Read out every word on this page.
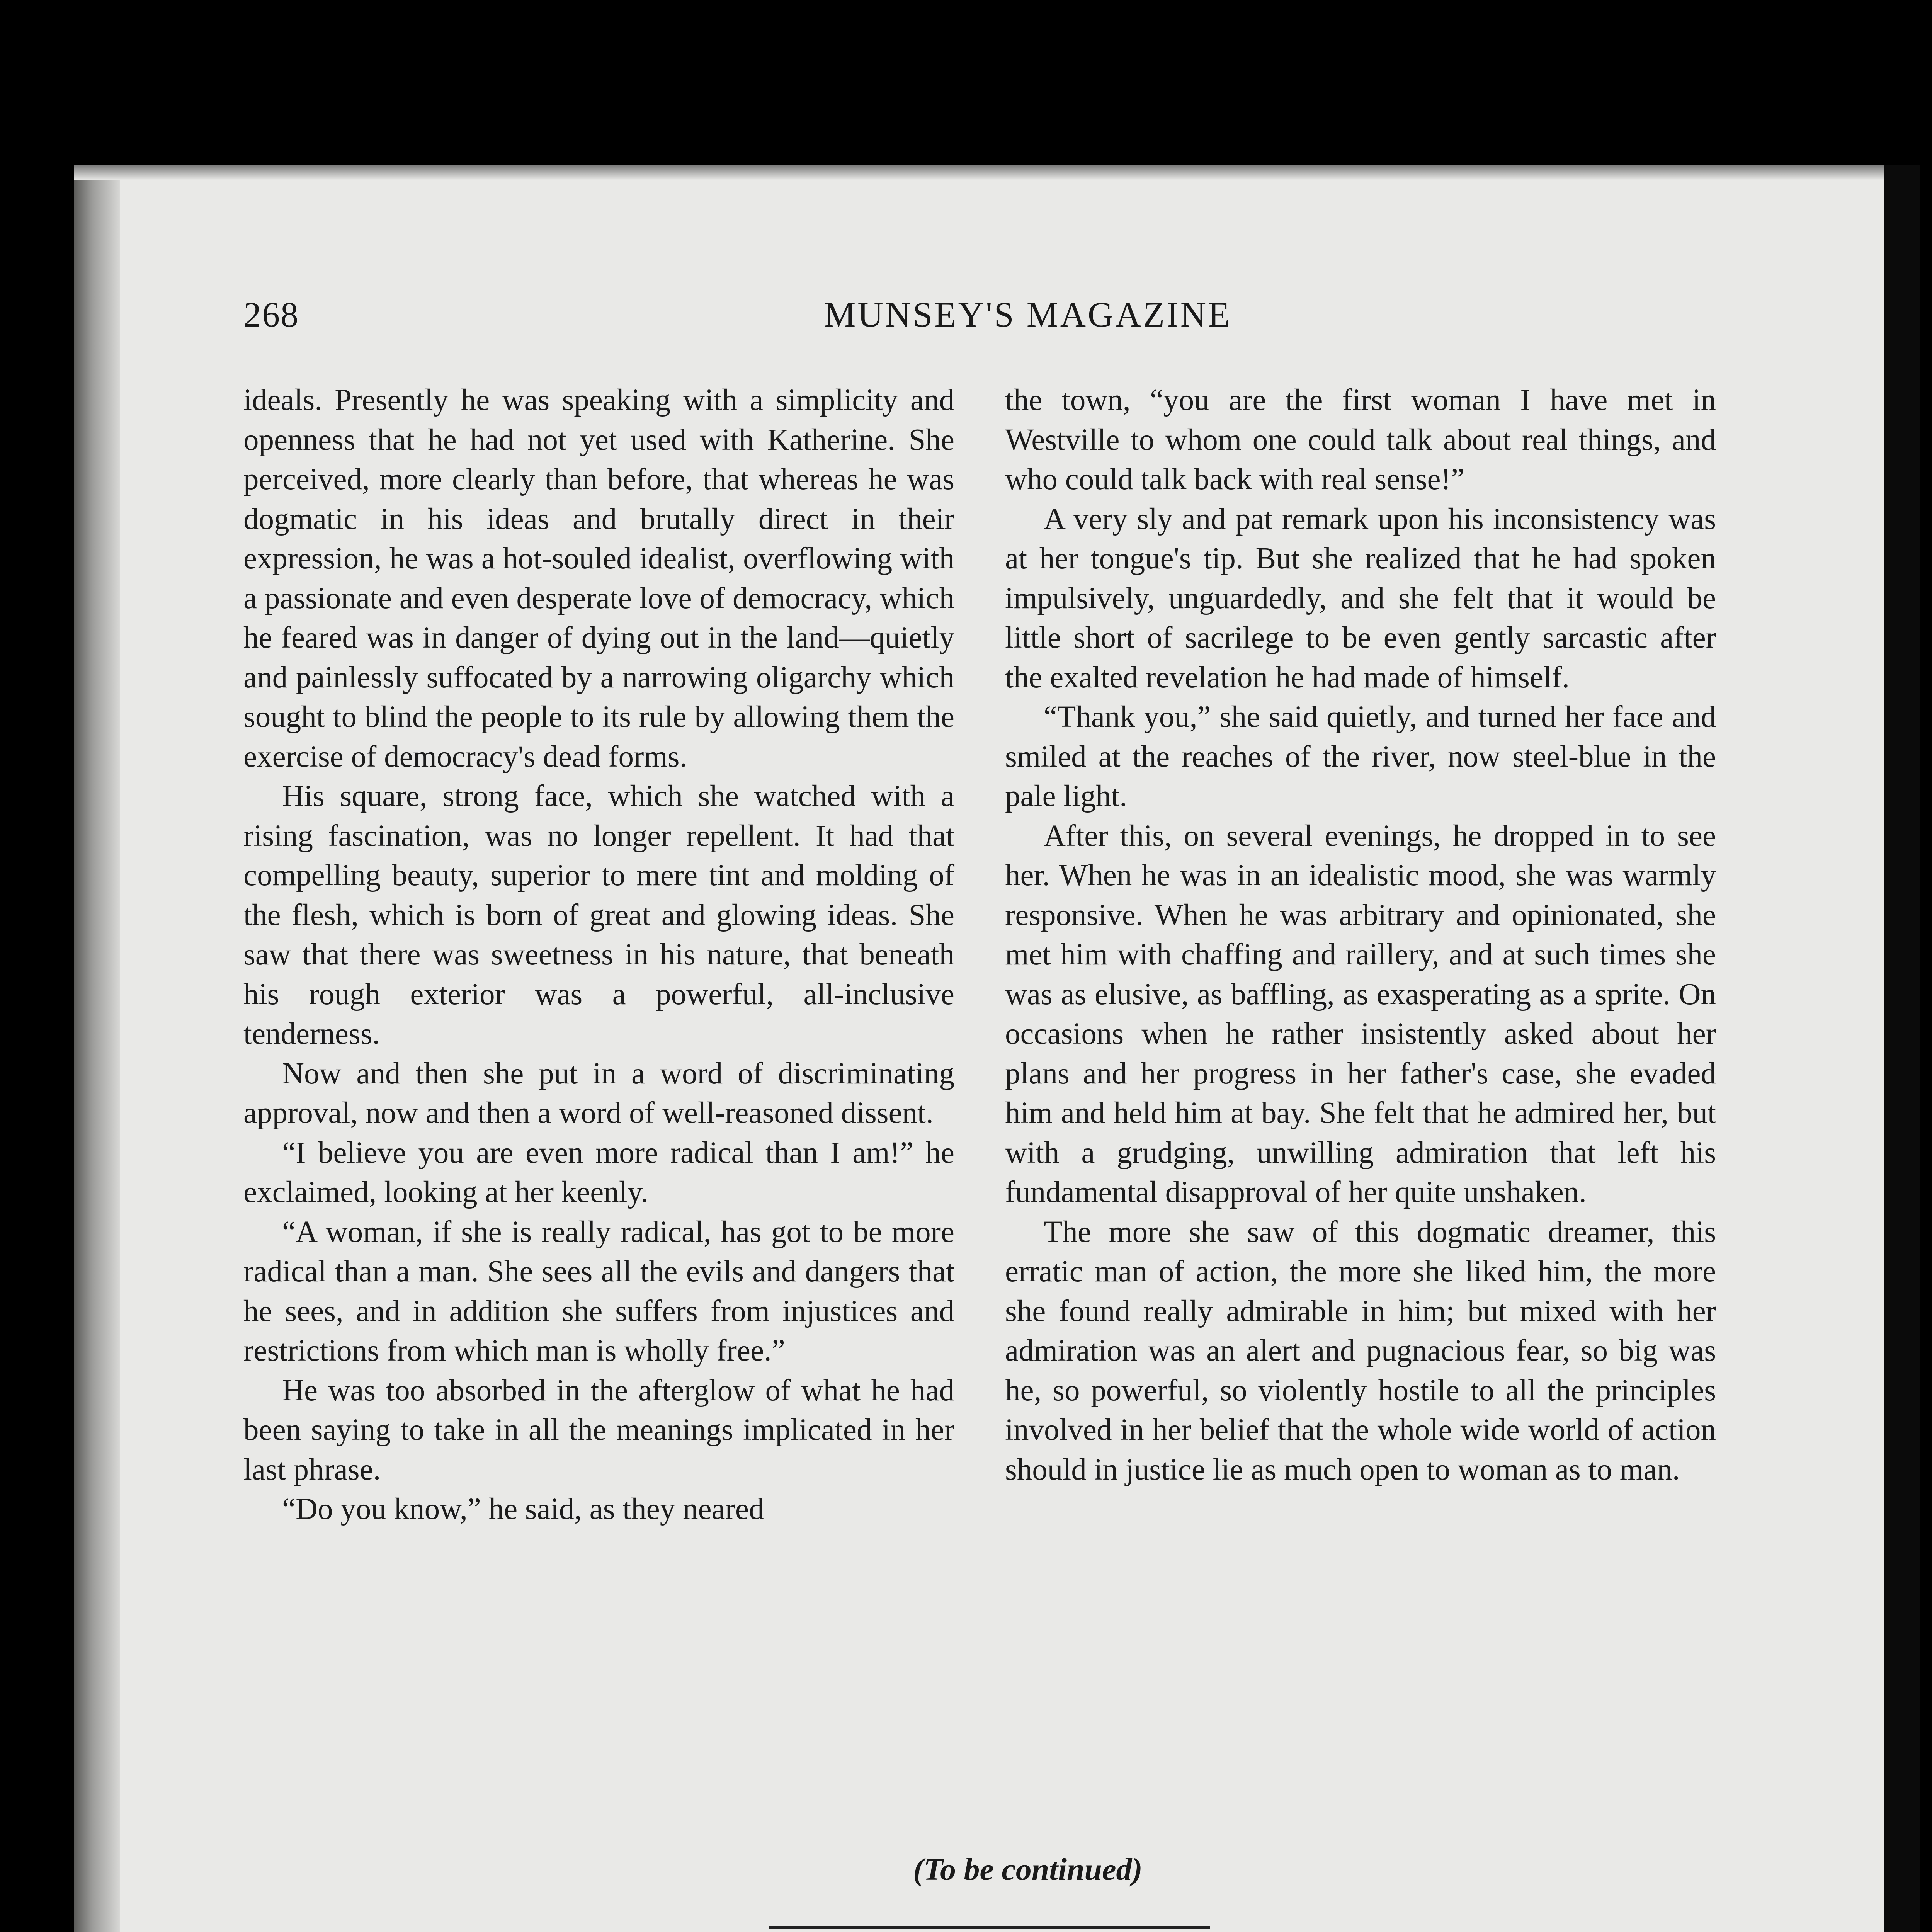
268	MUNSEY'S MAGAZINE

ideals. Presently he was speaking with a simplicity and openness that he had not yet used with Katherine. She perceived, more clearly than before, that whereas he was dogmatic in his ideas and brutally direct in their expression, he was a hot-souled idealist, overflowing with a passionate and even desperate love of democracy, which he feared was in danger of dying out in the land—quietly and painlessly suffocated by a narrowing oligarchy which sought to blind the people to its rule by allowing them the exercise of democracy's dead forms.

His square, strong face, which she watched with a rising fascination, was no longer repellent. It had that compelling beauty, superior to mere tint and molding of the flesh, which is born of great and glowing ideas. She saw that there was sweetness in his nature, that beneath his rough exterior was a powerful, all-inclusive tenderness.

Now and then she put in a word of discriminating approval, now and then a word of well-reasoned dissent.

“I believe you are even more radical than I am!” he exclaimed, looking at her keenly.

“A woman, if she is really radical, has got to be more radical than a man. She sees all the evils and dangers that he sees, and in addition she suffers from injustices and restrictions from which man is wholly free.”

He was too absorbed in the afterglow of what he had been saying to take in all the meanings implicated in her last phrase.

“Do you know,” he said, as they neared

the town, “you are the first woman I have met in Westville to whom one could talk about real things, and who could talk back with real sense!”

A very sly and pat remark upon his inconsistency was at her tongue's tip. But she realized that he had spoken impulsively, unguardedly, and she felt that it would be little short of sacrilege to be even gently sarcastic after the exalted revelation he had made of himself.

“Thank you,” she said quietly, and turned her face and smiled at the reaches of the river, now steel-blue in the pale light.

After this, on several evenings, he dropped in to see her. When he was in an idealistic mood, she was warmly responsive. When he was arbitrary and opinionated, she met him with chaffing and raillery, and at such times she was as elusive, as baffling, as exasperating as a sprite. On occasions when he rather insistently asked about her plans and her progress in her father's case, she evaded him and held him at bay. She felt that he admired her, but with a grudging, unwilling admiration that left his fundamental disapproval of her quite unshaken.

The more she saw of this dogmatic dreamer, this erratic man of action, the more she liked him, the more she found really admirable in him; but mixed with her admiration was an alert and pugnacious fear, so big was he, so powerful, so violently hostile to all the principles involved in her belief that the whole wide world of action should in justice lie as much open to woman as to man.

(To be continued)
